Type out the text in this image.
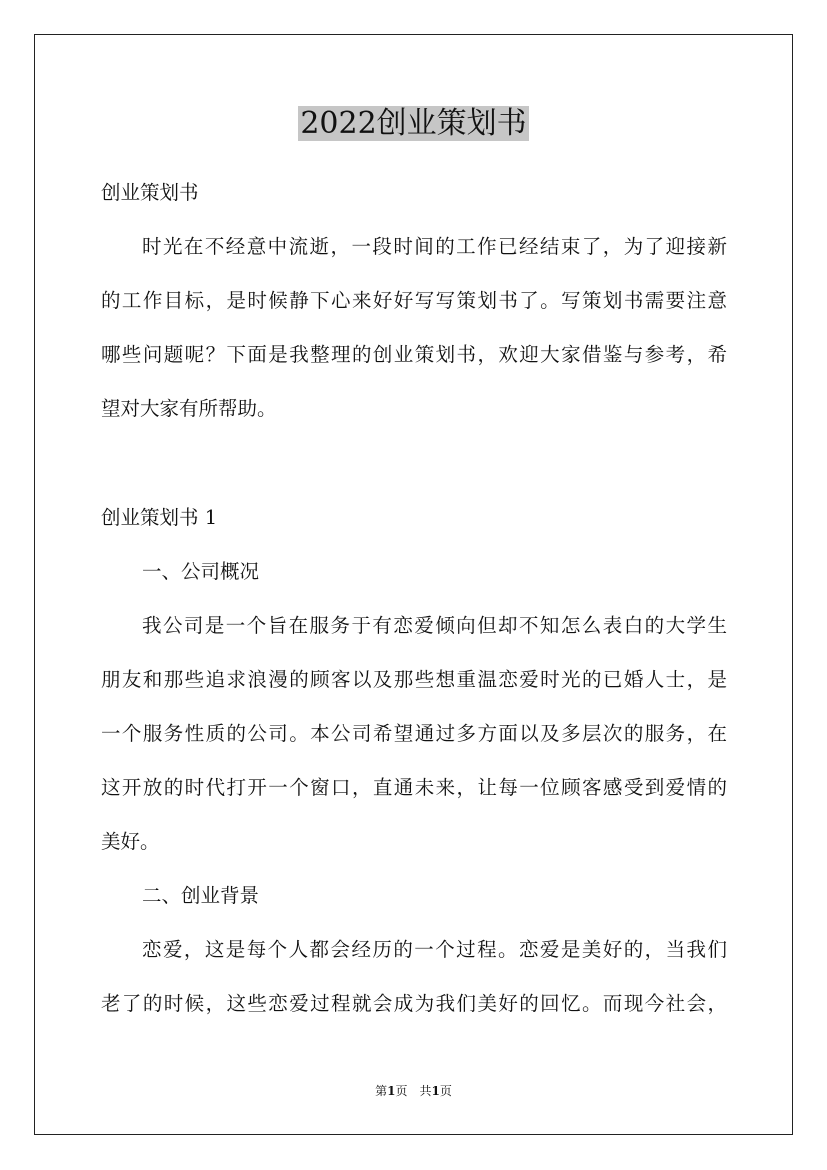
2022创业策划书
创业策划书
时光在不经意中流逝，一段时间的工作已经结束了，为了迎接新
的工作目标，是时候静下心来好好写写策划书了。写策划书需要注意
哪些问题呢？下面是我整理的创业策划书，欢迎大家借鉴与参考，希
望对大家有所帮助。
创业策划书 1
一、公司概况
我公司是一个旨在服务于有恋爱倾向但却不知怎么表白的大学生
朋友和那些追求浪漫的顾客以及那些想重温恋爱时光的已婚人士，是
一个服务性质的公司。本公司希望通过多方面以及多层次的服务，在
这开放的时代打开一个窗口，直通未来，让每一位顾客感受到爱情的
美好。
二、创业背景
恋爱，这是每个人都会经历的一个过程。恋爱是美好的，当我们
老了的时候，这些恋爱过程就会成为我们美好的回忆。而现今社会，
第1页　共1页
